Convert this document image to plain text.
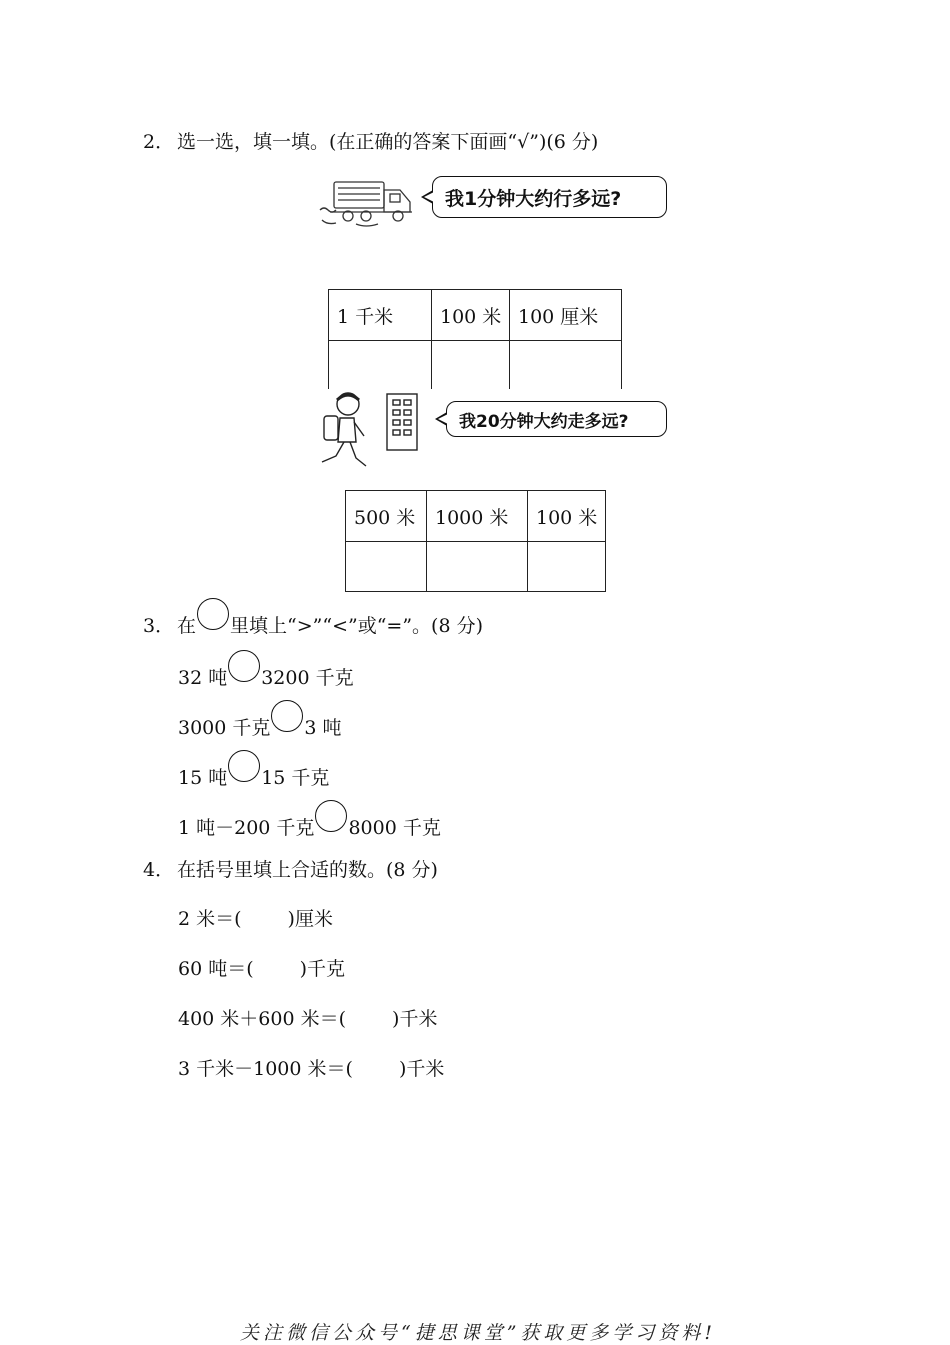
2． 选一选，填一填。(在正确的答案下面画“√”)(6 分)
我1分钟大约行多远?
1 千米	100 米 100 厘米
我20分钟大约走多远?
500 米	1000 米	100 米
3． 在 里填上“>”“<”或“=”。(8 分)
32 吨 3200 千克
3000 千克 3 吨
15 吨 15 千克
1 吨－200 千克 8000 千克
4． 在括号里填上合适的数。(8 分)
2 米＝( )厘米
60 吨＝( )千克
400 米＋600 米＝( )千米
3 千米－1000 米＝( )千米
关注微信公众号“捷思课堂”获取更多学习资料!
